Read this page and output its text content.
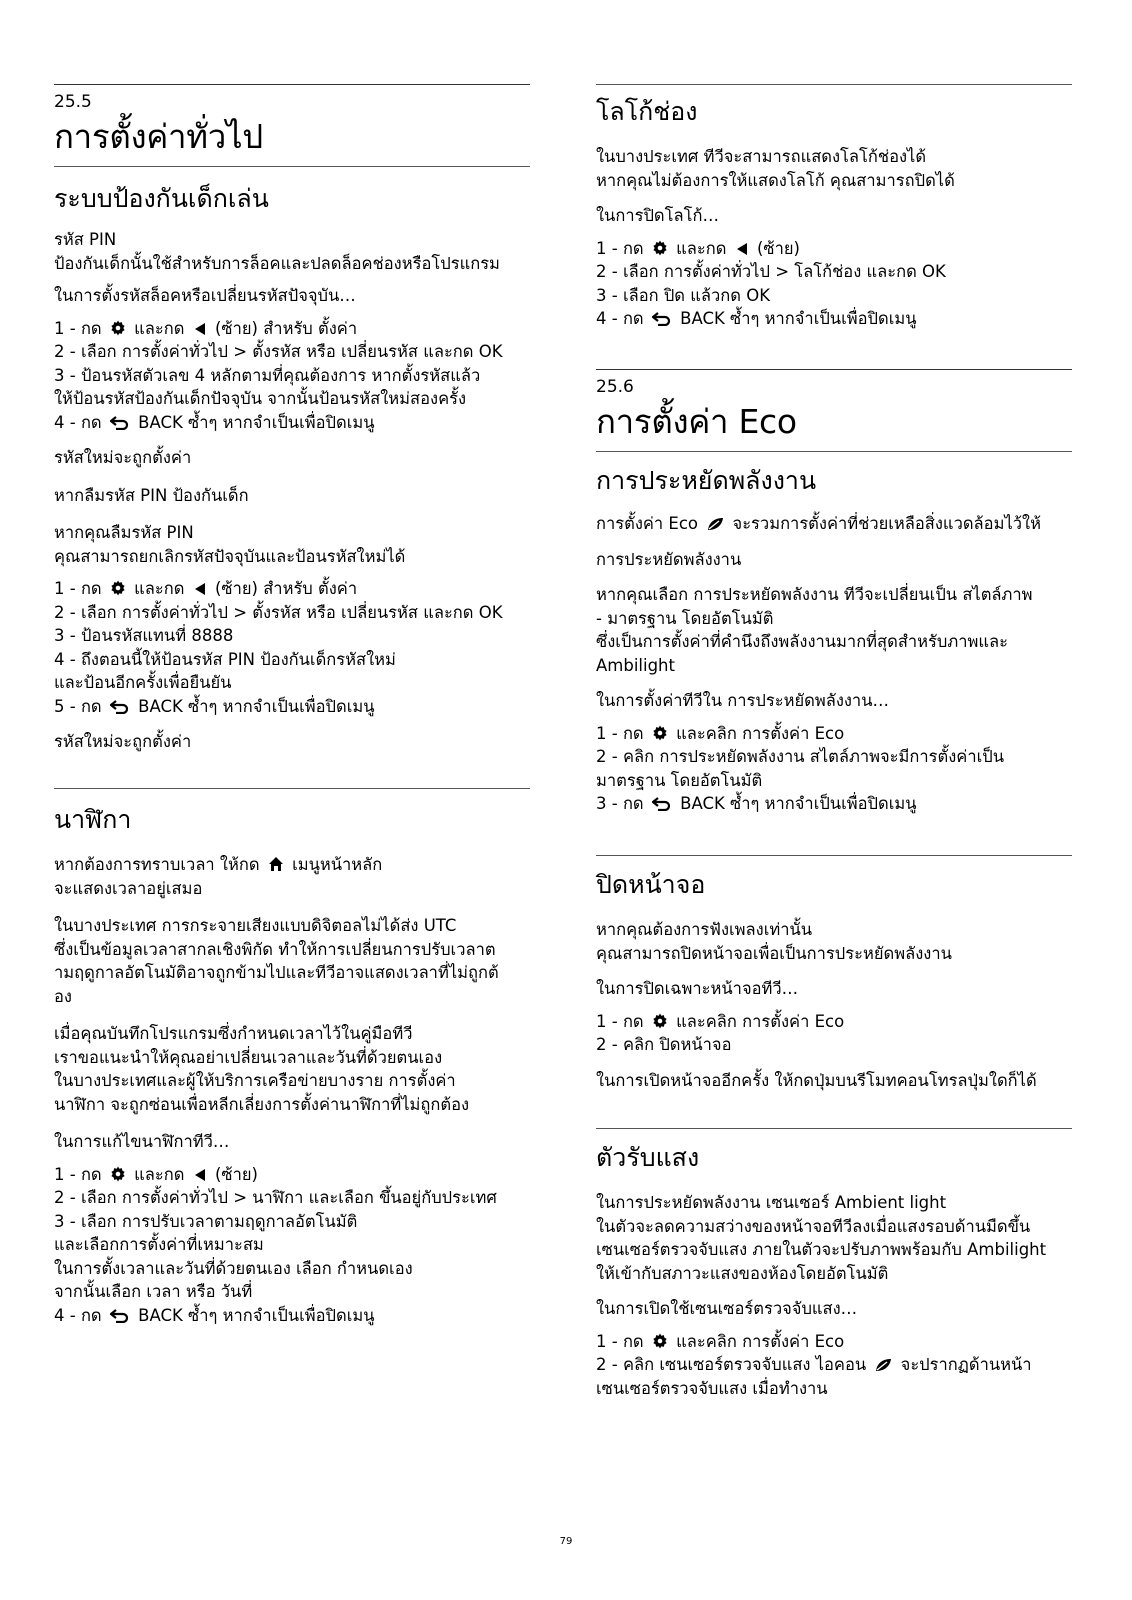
25.5
การตั้งค่าทั่วไป
ระบบป้องกันเด็กเล่น

รหัส PIN
ป้องกันเด็กนั้นใช้สำหรับการล็อคและปลดล็อคช่องหรือโปรแกรม

ในการตั้งรหัสล็อคหรือเปลี่ยนรหัสปัจจุบัน…

1 - กด และกด (ซ้าย) สำหรับ ตั้งค่า
2 - เลือก การตั้งค่าทั่วไป > ตั้งรหัส หรือ เปลี่ยนรหัส และกด OK
3 - ป้อนรหัสตัวเลข 4 หลักตามที่คุณต้องการ หากตั้งรหัสแล้ว
ให้ป้อนรหัสป้องกันเด็กปัจจุบัน จากนั้นป้อนรหัสใหม่สองครั้ง
4 - กด BACK ซ้ำๆ หากจำเป็นเพื่อปิดเมนู

รหัสใหม่จะถูกตั้งค่า

หากลืมรหัส PIN ป้องกันเด็ก

หากคุณลืมรหัส PIN
คุณสามารถยกเลิกรหัสปัจจุบันและป้อนรหัสใหม่ได้

1 - กด และกด (ซ้าย) สำหรับ ตั้งค่า
2 - เลือก การตั้งค่าทั่วไป > ตั้งรหัส หรือ เปลี่ยนรหัส และกด OK
3 - ป้อนรหัสแทนที่ 8888
4 - ถึงตอนนี้ให้ป้อนรหัส PIN ป้องกันเด็กรหัสใหม่
และป้อนอีกครั้งเพื่อยืนยัน
5 - กด BACK ซ้ำๆ หากจำเป็นเพื่อปิดเมนู

รหัสใหม่จะถูกตั้งค่า

นาฬิกา

หากต้องการทราบเวลา ให้กด เมนูหน้าหลัก
จะแสดงเวลาอยู่เสมอ

ในบางประเทศ การกระจายเสียงแบบดิจิตอลไม่ได้ส่ง UTC
ซึ่งเป็นข้อมูลเวลาสากลเชิงพิกัด ทำให้การเปลี่ยนการปรับเวลาต
ามฤดูกาลอัตโนมัติอาจถูกข้ามไปและทีวีอาจแสดงเวลาที่ไม่ถูกต้
อง

เมื่อคุณบันทึกโปรแกรมซึ่งกำหนดเวลาไว้ในคู่มือทีวี
เราขอแนะนำให้คุณอย่าเปลี่ยนเวลาและวันที่ด้วยตนเอง
ในบางประเทศและผู้ให้บริการเครือข่ายบางราย การตั้งค่า
นาฬิกา จะถูกซ่อนเพื่อหลีกเลี่ยงการตั้งค่านาฬิกาที่ไม่ถูกต้อง

ในการแก้ไขนาฬิกาทีวี…

1 - กด และกด (ซ้าย)
2 - เลือก การตั้งค่าทั่วไป > นาฬิกา และเลือก ขึ้นอยู่กับประเทศ
3 - เลือก การปรับเวลาตามฤดูกาลอัตโนมัติ
และเลือกการตั้งค่าที่เหมาะสม
ในการตั้งเวลาและวันที่ด้วยตนเอง เลือก กำหนดเอง
จากนั้นเลือก เวลา หรือ วันที่
4 - กด BACK ซ้ำๆ หากจำเป็นเพื่อปิดเมนู

โลโก้ช่อง

ในบางประเทศ ทีวีจะสามารถแสดงโลโก้ช่องได้
หากคุณไม่ต้องการให้แสดงโลโก้ คุณสามารถปิดได้

ในการปิดโลโก้…

1 - กด และกด (ซ้าย)
2 - เลือก การตั้งค่าทั่วไป > โลโก้ช่อง และกด OK
3 - เลือก ปิด แล้วกด OK
4 - กด BACK ซ้ำๆ หากจำเป็นเพื่อปิดเมนู

25.6
การตั้งค่า Eco
การประหยัดพลังงาน

การตั้งค่า Eco จะรวมการตั้งค่าที่ช่วยเหลือสิ่งแวดล้อมไว้ให้

การประหยัดพลังงาน

หากคุณเลือก การประหยัดพลังงาน ทีวีจะเปลี่ยนเป็น สไตล์ภาพ
- มาตรฐาน โดยอัตโนมัติ
ซึ่งเป็นการตั้งค่าที่คำนึงถึงพลังงานมากที่สุดสำหรับภาพและ
Ambilight

ในการตั้งค่าทีวีใน การประหยัดพลังงาน…

1 - กด และคลิก การตั้งค่า Eco
2 - คลิก การประหยัดพลังงาน สไตล์ภาพจะมีการตั้งค่าเป็น
มาตรฐาน โดยอัตโนมัติ
3 - กด BACK ซ้ำๆ หากจำเป็นเพื่อปิดเมนู

ปิดหน้าจอ

หากคุณต้องการฟังเพลงเท่านั้น
คุณสามารถปิดหน้าจอเพื่อเป็นการประหยัดพลังงาน

ในการปิดเฉพาะหน้าจอทีวี…

1 - กด และคลิก การตั้งค่า Eco
2 - คลิก ปิดหน้าจอ

ในการเปิดหน้าจออีกครั้ง ให้กดปุ่มบนรีโมทคอนโทรลปุ่มใดก็ได้

ตัวรับแสง

ในการประหยัดพลังงาน เซนเซอร์ Ambient light
ในตัวจะลดความสว่างของหน้าจอทีวีลงเมื่อแสงรอบด้านมืดขึ้น
เซนเซอร์ตรวจจับแสง ภายในตัวจะปรับภาพพร้อมกับ Ambilight
ให้เข้ากับสภาวะแสงของห้องโดยอัตโนมัติ

ในการเปิดใช้เซนเซอร์ตรวจจับแสง…

1 - กด และคลิก การตั้งค่า Eco
2 - คลิก เซนเซอร์ตรวจจับแสง ไอคอน จะปรากฏด้านหน้า
เซนเซอร์ตรวจจับแสง เมื่อทำงาน

79
